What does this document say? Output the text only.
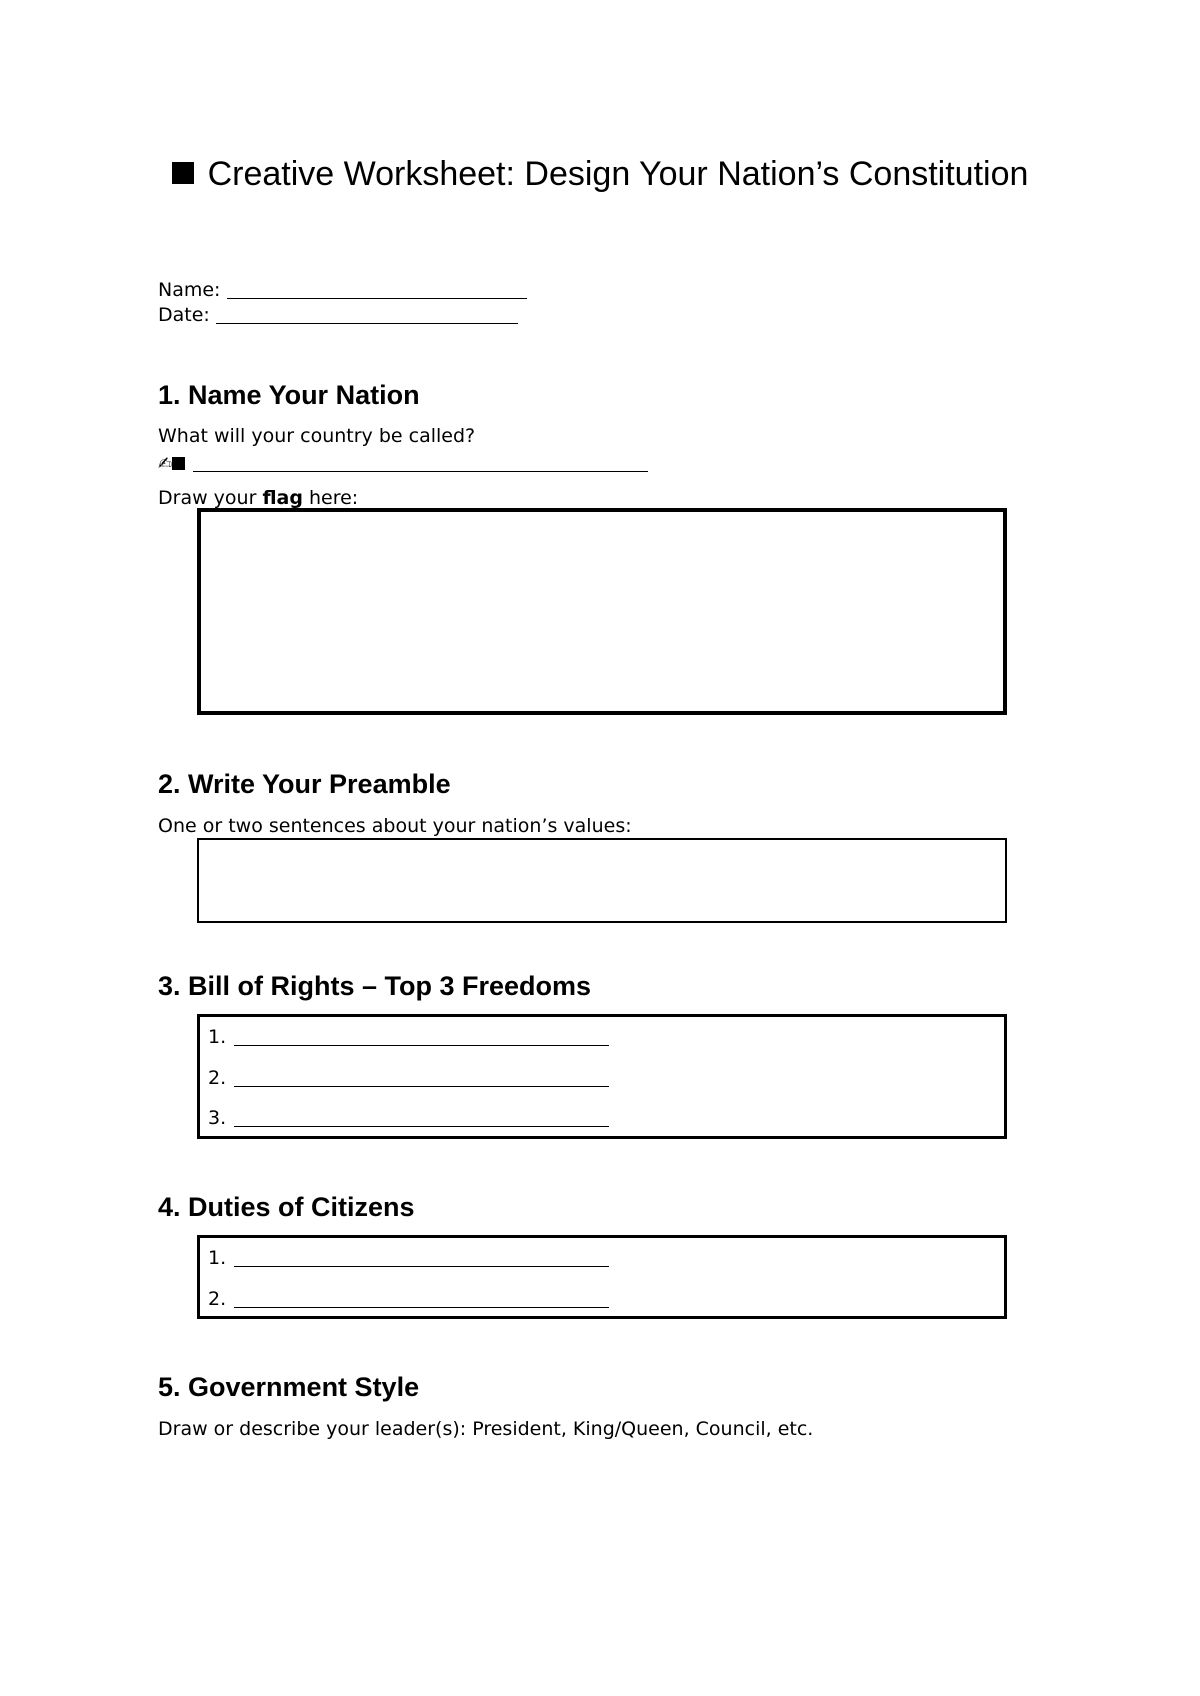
Creative Worksheet: Design Your Nation’s Constitution
Name:
Date:
1. Name Your Nation
What will your country be called?
✍
Draw your flag here:
2. Write Your Preamble
One or two sentences about your nation’s values:
3. Bill of Rights – Top 3 Freedoms
1.
2.
3.
4. Duties of Citizens
1.
2.
5. Government Style
Draw or describe your leader(s): President, King/Queen, Council, etc.
